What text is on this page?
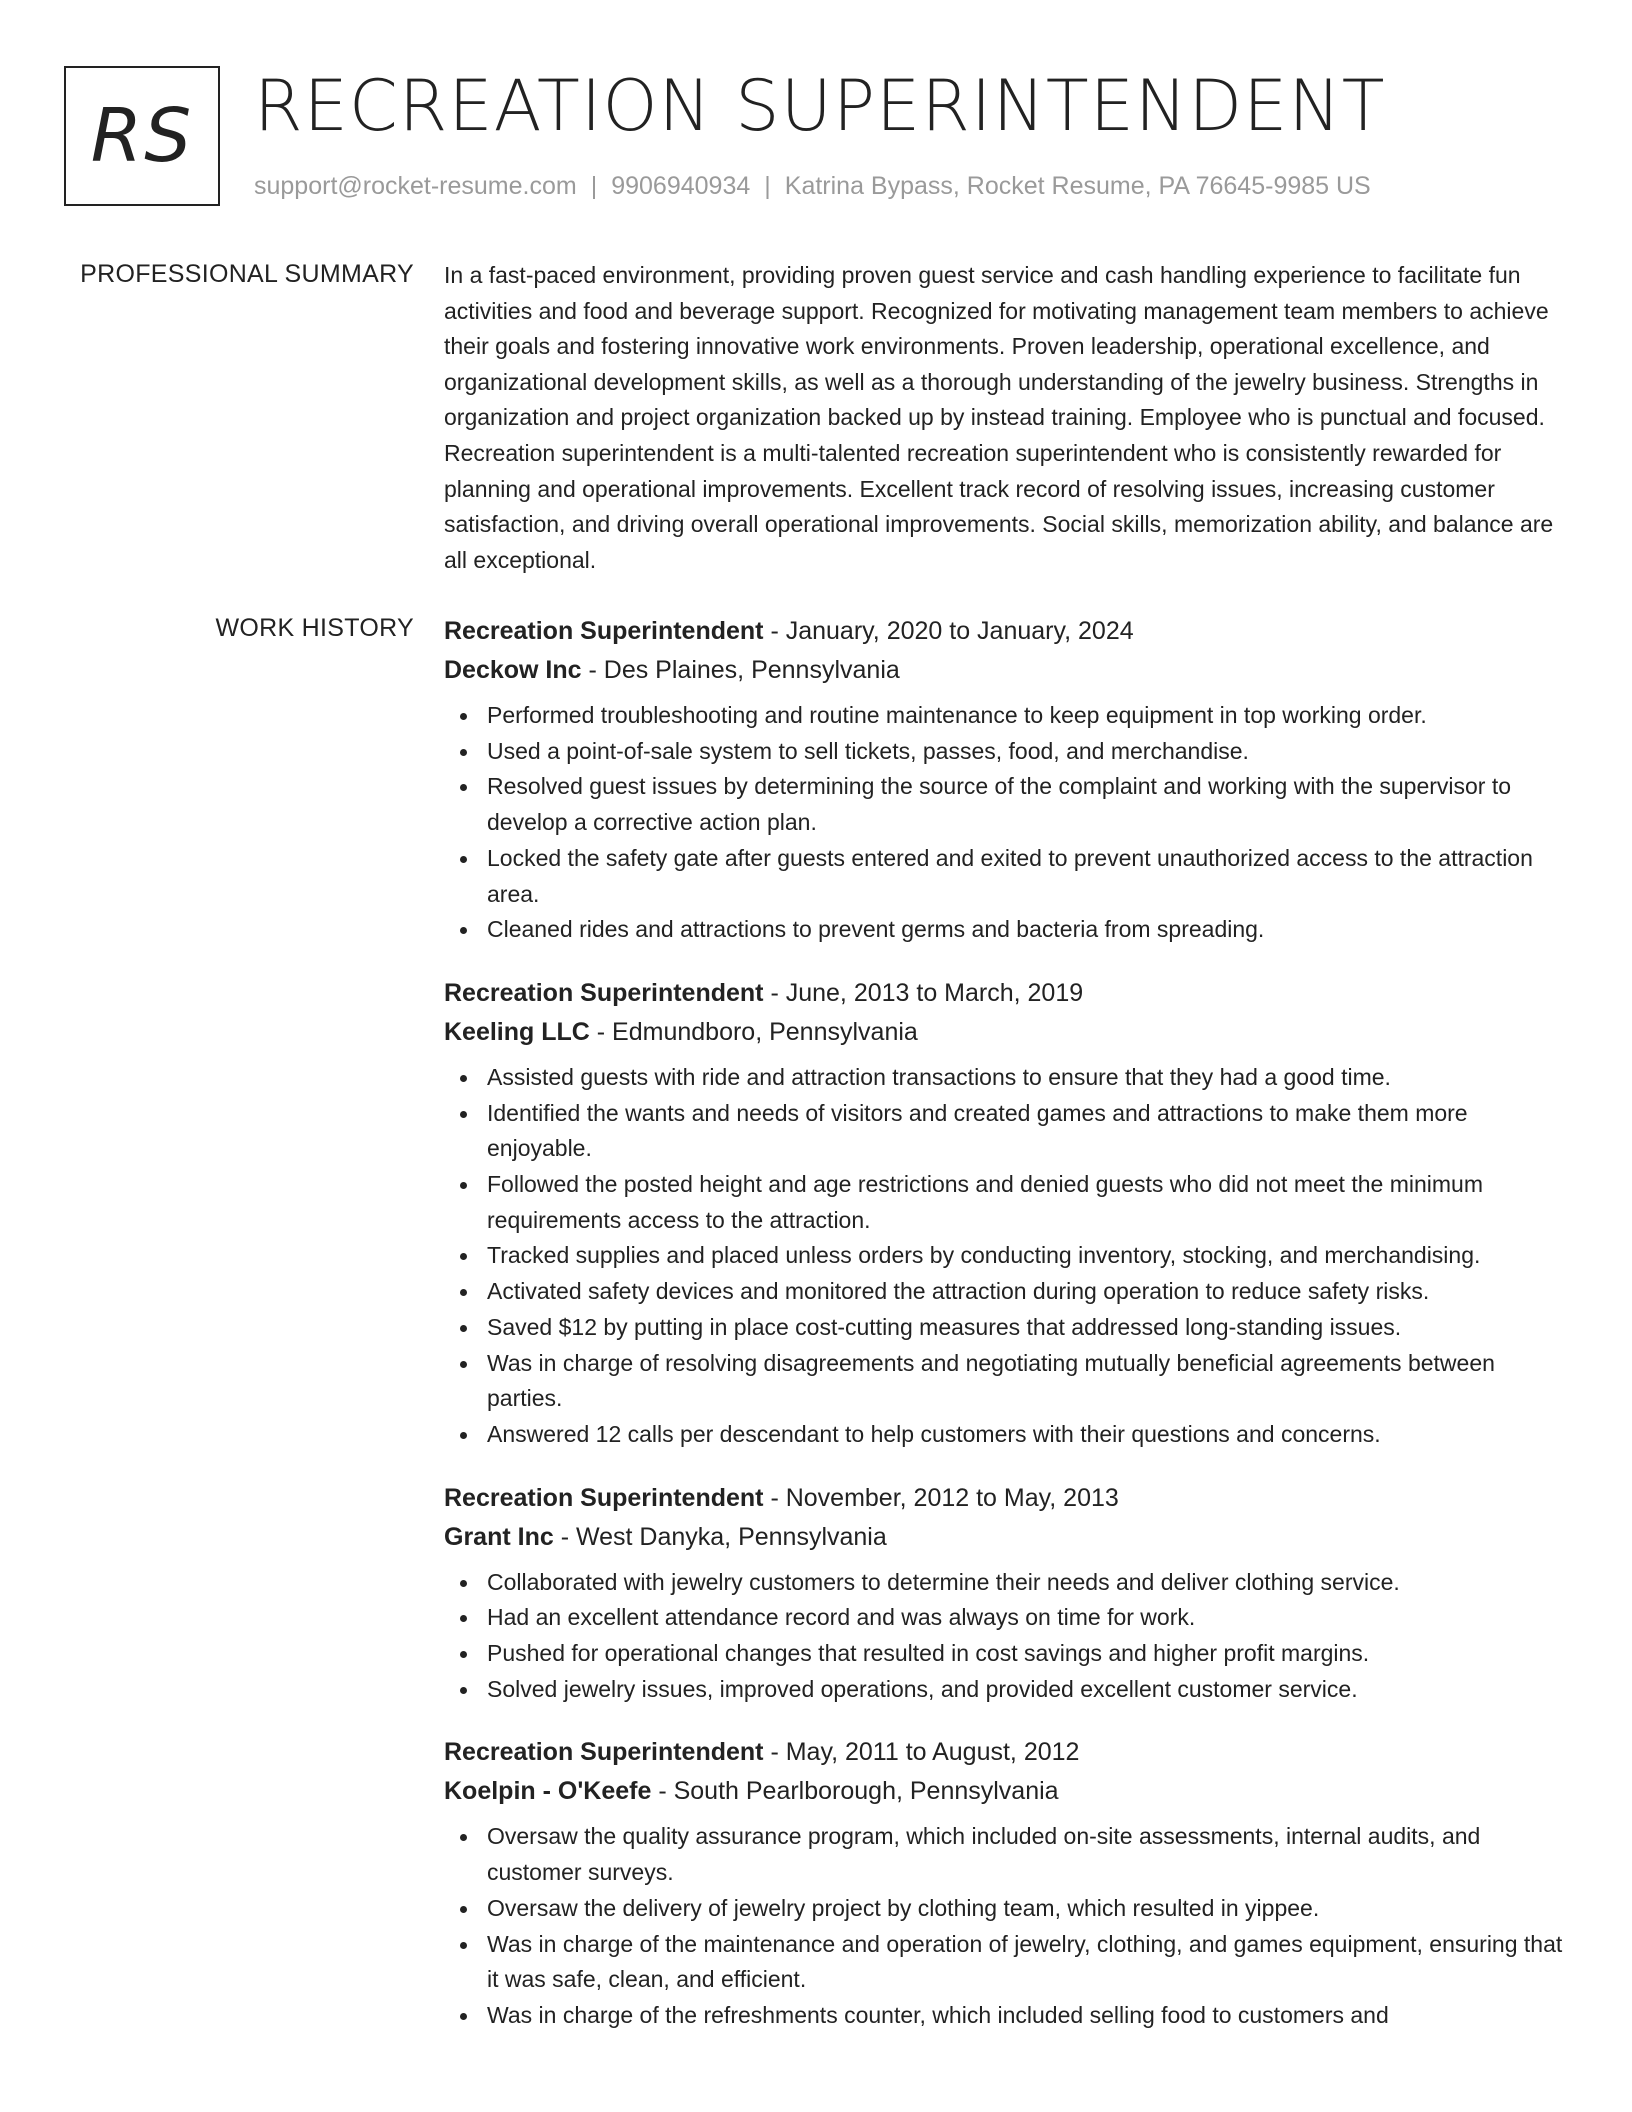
RS RECREATION SUPERINTENDENT
support@rocket-resume.com | 9906940934 | Katrina Bypass, Rocket Resume, PA 76645-9985 US
PROFESSIONAL SUMMARY In a fast-paced environment, providing proven guest service and cash handling experience to facilitate fun activities and food and beverage support. Recognized for motivating management team members to achieve their goals and fostering innovative work environments. Proven leadership, operational excellence, and organizational development skills, as well as a thorough understanding of the jewelry business. Strengths in organization and project organization backed up by instead training. Employee who is punctual and focused. Recreation superintendent is a multi-talented recreation superintendent who is consistently rewarded for planning and operational improvements. Excellent track record of resolving issues, increasing customer satisfaction, and driving overall operational improvements. Social skills, memorization ability, and balance are all exceptional.

WORK HISTORY Recreation Superintendent - January, 2020 to January, 2024
Deckow Inc - Des Plaines, Pennsylvania
Performed troubleshooting and routine maintenance to keep equipment in top working order.
Used a point-of-sale system to sell tickets, passes, food, and merchandise.
Resolved guest issues by determining the source of the complaint and working with the supervisor to develop a corrective action plan.
Locked the safety gate after guests entered and exited to prevent unauthorized access to the attraction area.
Cleaned rides and attractions to prevent germs and bacteria from spreading.
Recreation Superintendent - June, 2013 to March, 2019
Keeling LLC - Edmundboro, Pennsylvania
Assisted guests with ride and attraction transactions to ensure that they had a good time.
Identified the wants and needs of visitors and created games and attractions to make them more enjoyable.
Followed the posted height and age restrictions and denied guests who did not meet the minimum requirements access to the attraction.
Tracked supplies and placed unless orders by conducting inventory, stocking, and merchandising.
Activated safety devices and monitored the attraction during operation to reduce safety risks.
Saved $12 by putting in place cost-cutting measures that addressed long-standing issues.
Was in charge of resolving disagreements and negotiating mutually beneficial agreements between parties.
Answered 12 calls per descendant to help customers with their questions and concerns.
Recreation Superintendent - November, 2012 to May, 2013
Grant Inc - West Danyka, Pennsylvania
Collaborated with jewelry customers to determine their needs and deliver clothing service.
Had an excellent attendance record and was always on time for work.
Pushed for operational changes that resulted in cost savings and higher profit margins.
Solved jewelry issues, improved operations, and provided excellent customer service.
Recreation Superintendent - May, 2011 to August, 2012
Koelpin - O'Keefe - South Pearlborough, Pennsylvania
Oversaw the quality assurance program, which included on-site assessments, internal audits, and customer surveys.
Oversaw the delivery of jewelry project by clothing team, which resulted in yippee.
Was in charge of the maintenance and operation of jewelry, clothing, and games equipment, ensuring that it was safe, clean, and efficient.
Was in charge of the refreshments counter, which included selling food to customers and
